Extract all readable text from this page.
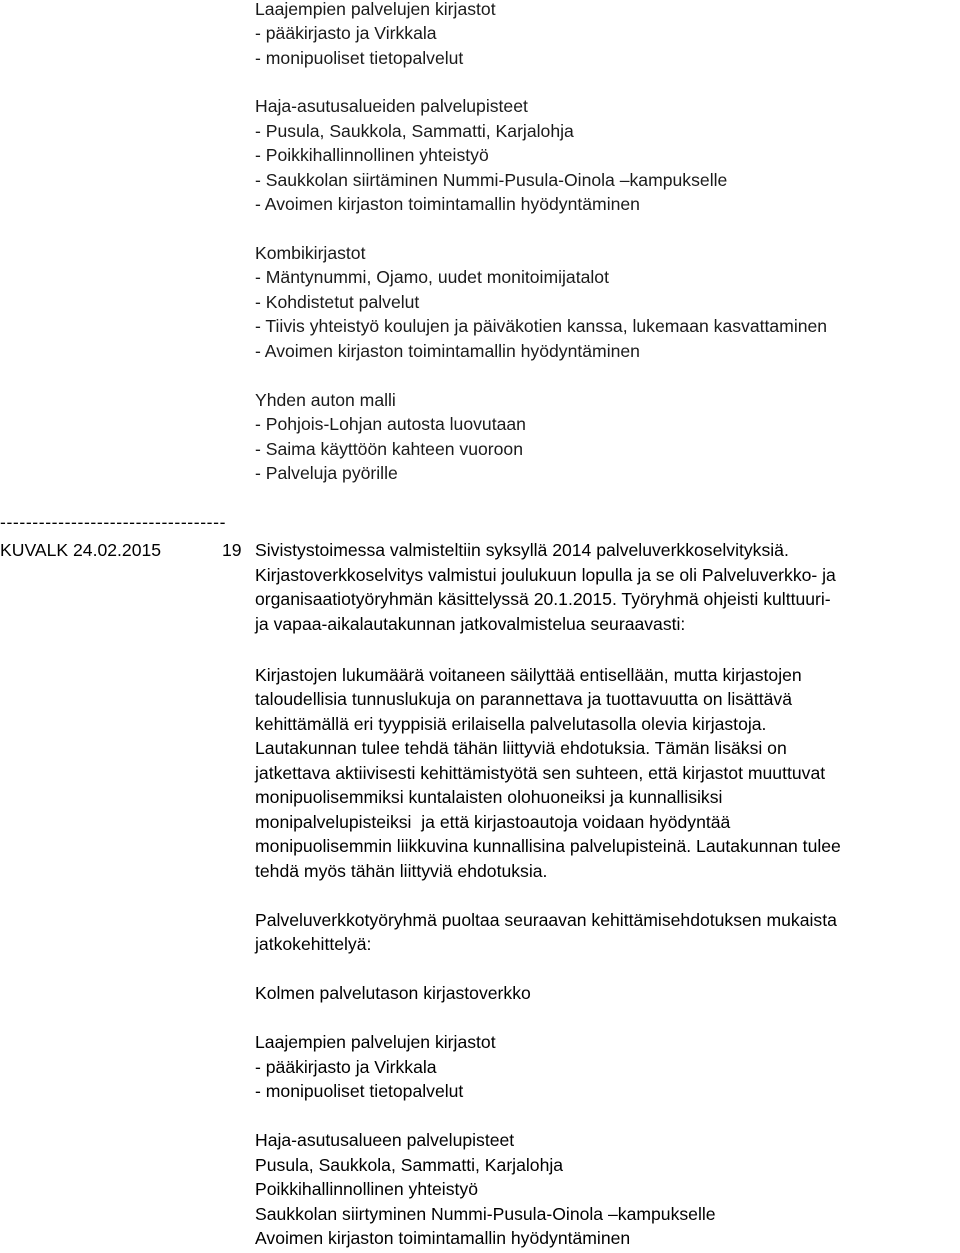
Laajempien palvelujen kirjastot
- pääkirjasto ja Virkkala
- monipuoliset tietopalvelut
Haja-asutusalueiden palvelupisteet
- Pusula, Saukkola, Sammatti, Karjalohja
- Poikkihallinnollinen yhteistyö
- Saukkolan siirtäminen Nummi-Pusula-Oinola –kampukselle
- Avoimen kirjaston toimintamallin hyödyntäminen
Kombikirjastot
- Mäntynummi, Ojamo, uudet monitoimijatalot
- Kohdistetut palvelut
- Tiivis yhteistyö koulujen ja päiväkotien kanssa, lukemaan kasvattaminen
- Avoimen kirjaston toimintamallin hyödyntäminen
Yhden auton malli
- Pohjois-Lohjan autosta luovutaan
- Saima käyttöön kahteen vuoroon
- Palveluja pyörille
-----------------------------------
KUVALK 24.02.2015	19 Sivistystoimessa valmisteltiin syksyllä 2014 palveluverkkoselvityksiä.
Kirjastoverkkoselvitys valmistui joulukuun lopulla ja se oli Palveluverkko- ja
organisaatiotyöryhmän käsittelyssä 20.1.2015. Työryhmä ohjeisti kulttuuri-
ja vapaa-aikalautakunnan jatkovalmistelua seuraavasti:
Kirjastojen lukumäärä voitaneen säilyttää entisellään, mutta kirjastojen
taloudellisia tunnuslukuja on parannettava ja tuottavuutta on lisättävä
kehittämällä eri tyyppisiä erilaisella palvelutasolla olevia kirjastoja.
Lautakunnan tulee tehdä tähän liittyviä ehdotuksia. Tämän lisäksi on
jatkettava aktiivisesti kehittämistyötä sen suhteen, että kirjastot muuttuvat
monipuolisemmiksi kuntalaisten olohuoneiksi ja kunnallisiksi
monipalvelupisteiksi  ja että kirjastoautoja voidaan hyödyntää
monipuolisemmin liikkuvina kunnallisina palvelupisteinä. Lautakunnan tulee
tehdä myös tähän liittyviä ehdotuksia.
Palveluverkkotyöryhmä puoltaa seuraavan kehittämisehdotuksen mukaista
jatkokehittelyä:
Kolmen palvelutason kirjastoverkko
Laajempien palvelujen kirjastot
- pääkirjasto ja Virkkala
- monipuoliset tietopalvelut
Haja-asutusalueen palvelupisteet
Pusula, Saukkola, Sammatti, Karjalohja
Poikkihallinnollinen yhteistyö
Saukkolan siirtyminen Nummi-Pusula-Oinola –kampukselle
Avoimen kirjaston toimintamallin hyödyntäminen
